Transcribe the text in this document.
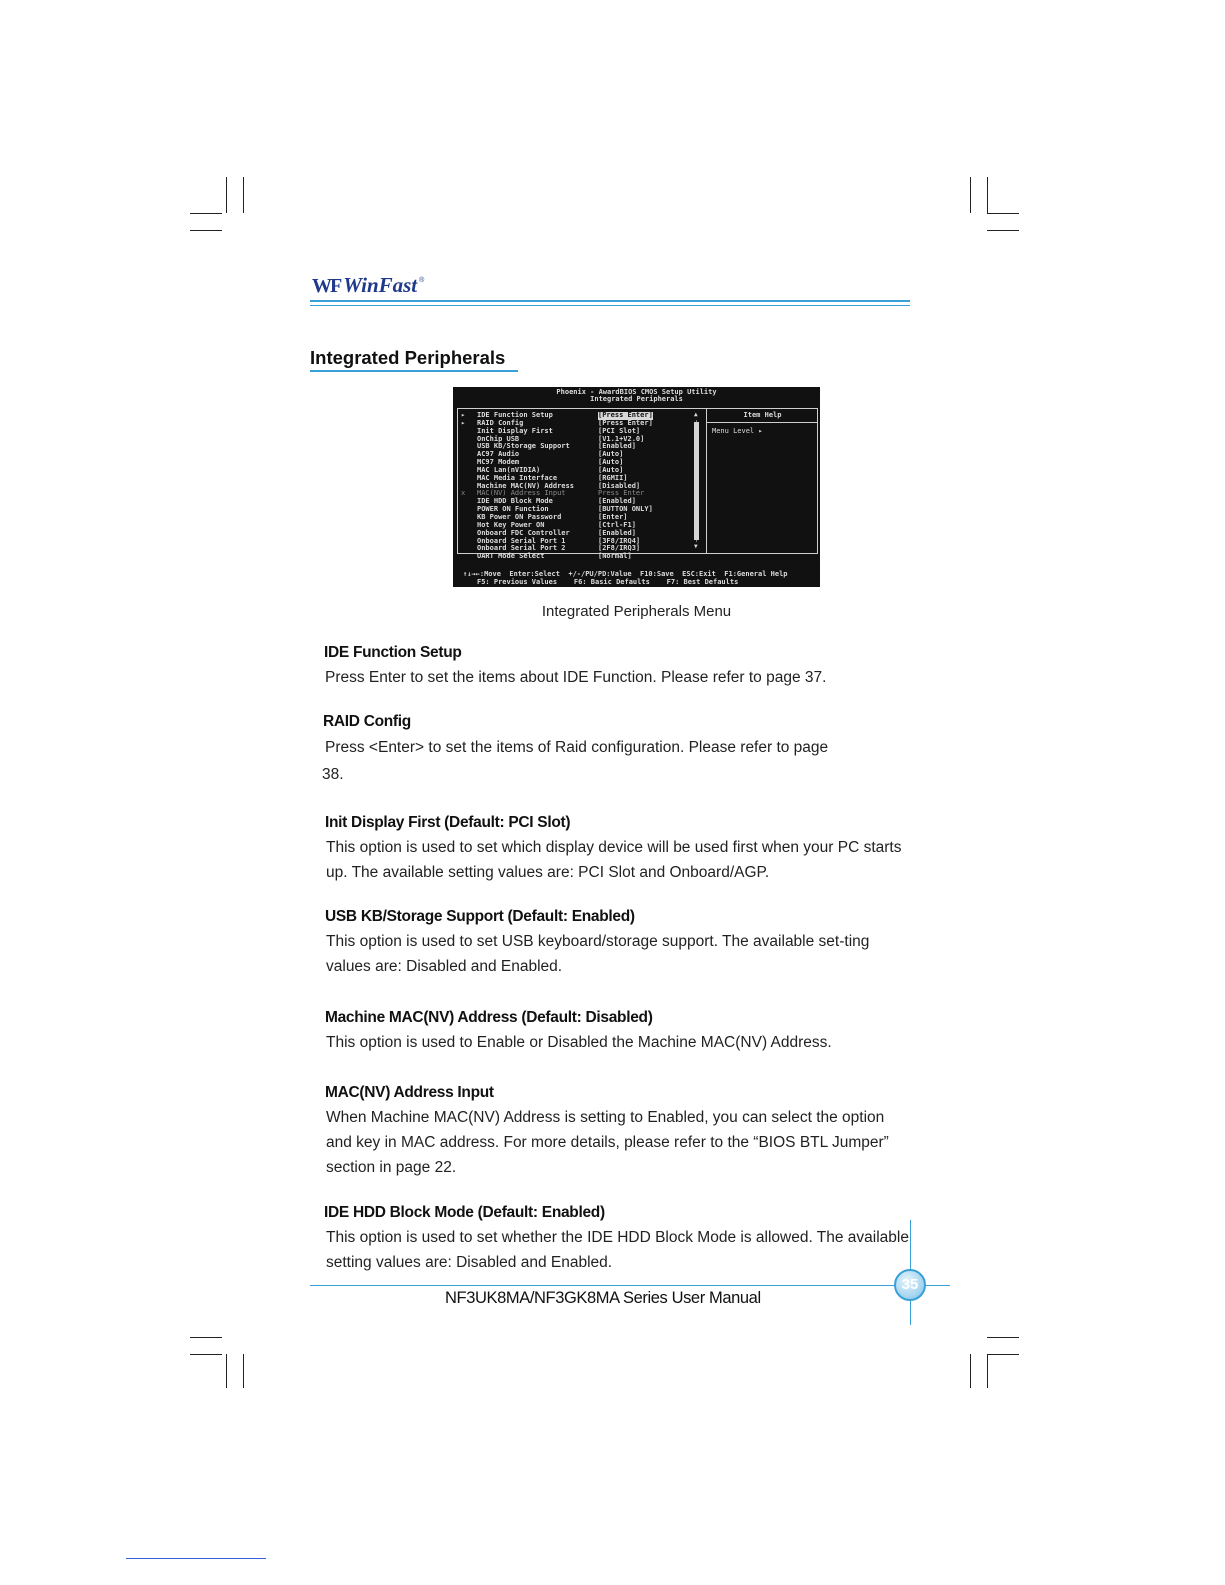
WF WinFast ®
Integrated Peripherals
Phoenix - AwardBIOS CMOS Setup Utility
Integrated Peripherals
▸	IDE Function Setup	[Press Enter]
▸	RAID Config	[Press Enter]
Init Display First	[PCI Slot]
OnChip USB	[V1.1+V2.0]
USB KB/Storage Support	[Enabled]
AC97 Audio	[Auto]
MC97 Modem	[Auto]
MAC Lan(nVIDIA)	[Auto]
MAC Media Interface	[RGMII]
Machine MAC(NV) Address	[Disabled]
x	MAC(NV) Address Input	Press Enter
IDE HDD Block Mode	[Enabled]
POWER ON Function	[BUTTON ONLY]
KB Power ON Password	[Enter]
Hot Key Power ON	[Ctrl-F1]
Onboard FDC Controller	[Enabled]
Onboard Serial Port 1	[3F8/IRQ4]
Onboard Serial Port 2	[2F8/IRQ3]
UART Mode Select	[Normal]
▲
▼
Item Help
Menu Level ▸
↑↓→←:Move  Enter:Select  +/-/PU/PD:Value  F10:Save  ESC:Exit  F1:General Help
F5: Previous Values    F6: Basic Defaults    F7: Best Defaults
Integrated Peripherals Menu
IDE Function Setup
Press Enter to set the items about IDE Function. Please refer to page 37.
RAID Config
Press <Enter> to set the items of Raid configuration. Please refer to page
38.
Init Display First (Default: PCI Slot)
This option is used to set which display device will be used first when your PC starts up. The available setting values are: PCI Slot and Onboard/AGP.
USB KB/Storage Support (Default: Enabled)
This option is used to set USB keyboard/storage support. The available set-ting values are: Disabled and Enabled.
Machine MAC(NV) Address (Default: Disabled)
This option is used to Enable or Disabled the Machine MAC(NV) Address.
MAC(NV) Address Input
When Machine MAC(NV) Address is setting to Enabled, you can select the option and key in MAC address. For more details, please refer to the “BIOS BTL Jumper” section in page 22.
IDE HDD Block Mode (Default: Enabled)
This option is used to set whether the IDE HDD Block Mode is allowed. The available setting values are: Disabled and Enabled.
35
NF3UK8MA/NF3GK8MA Series User Manual
